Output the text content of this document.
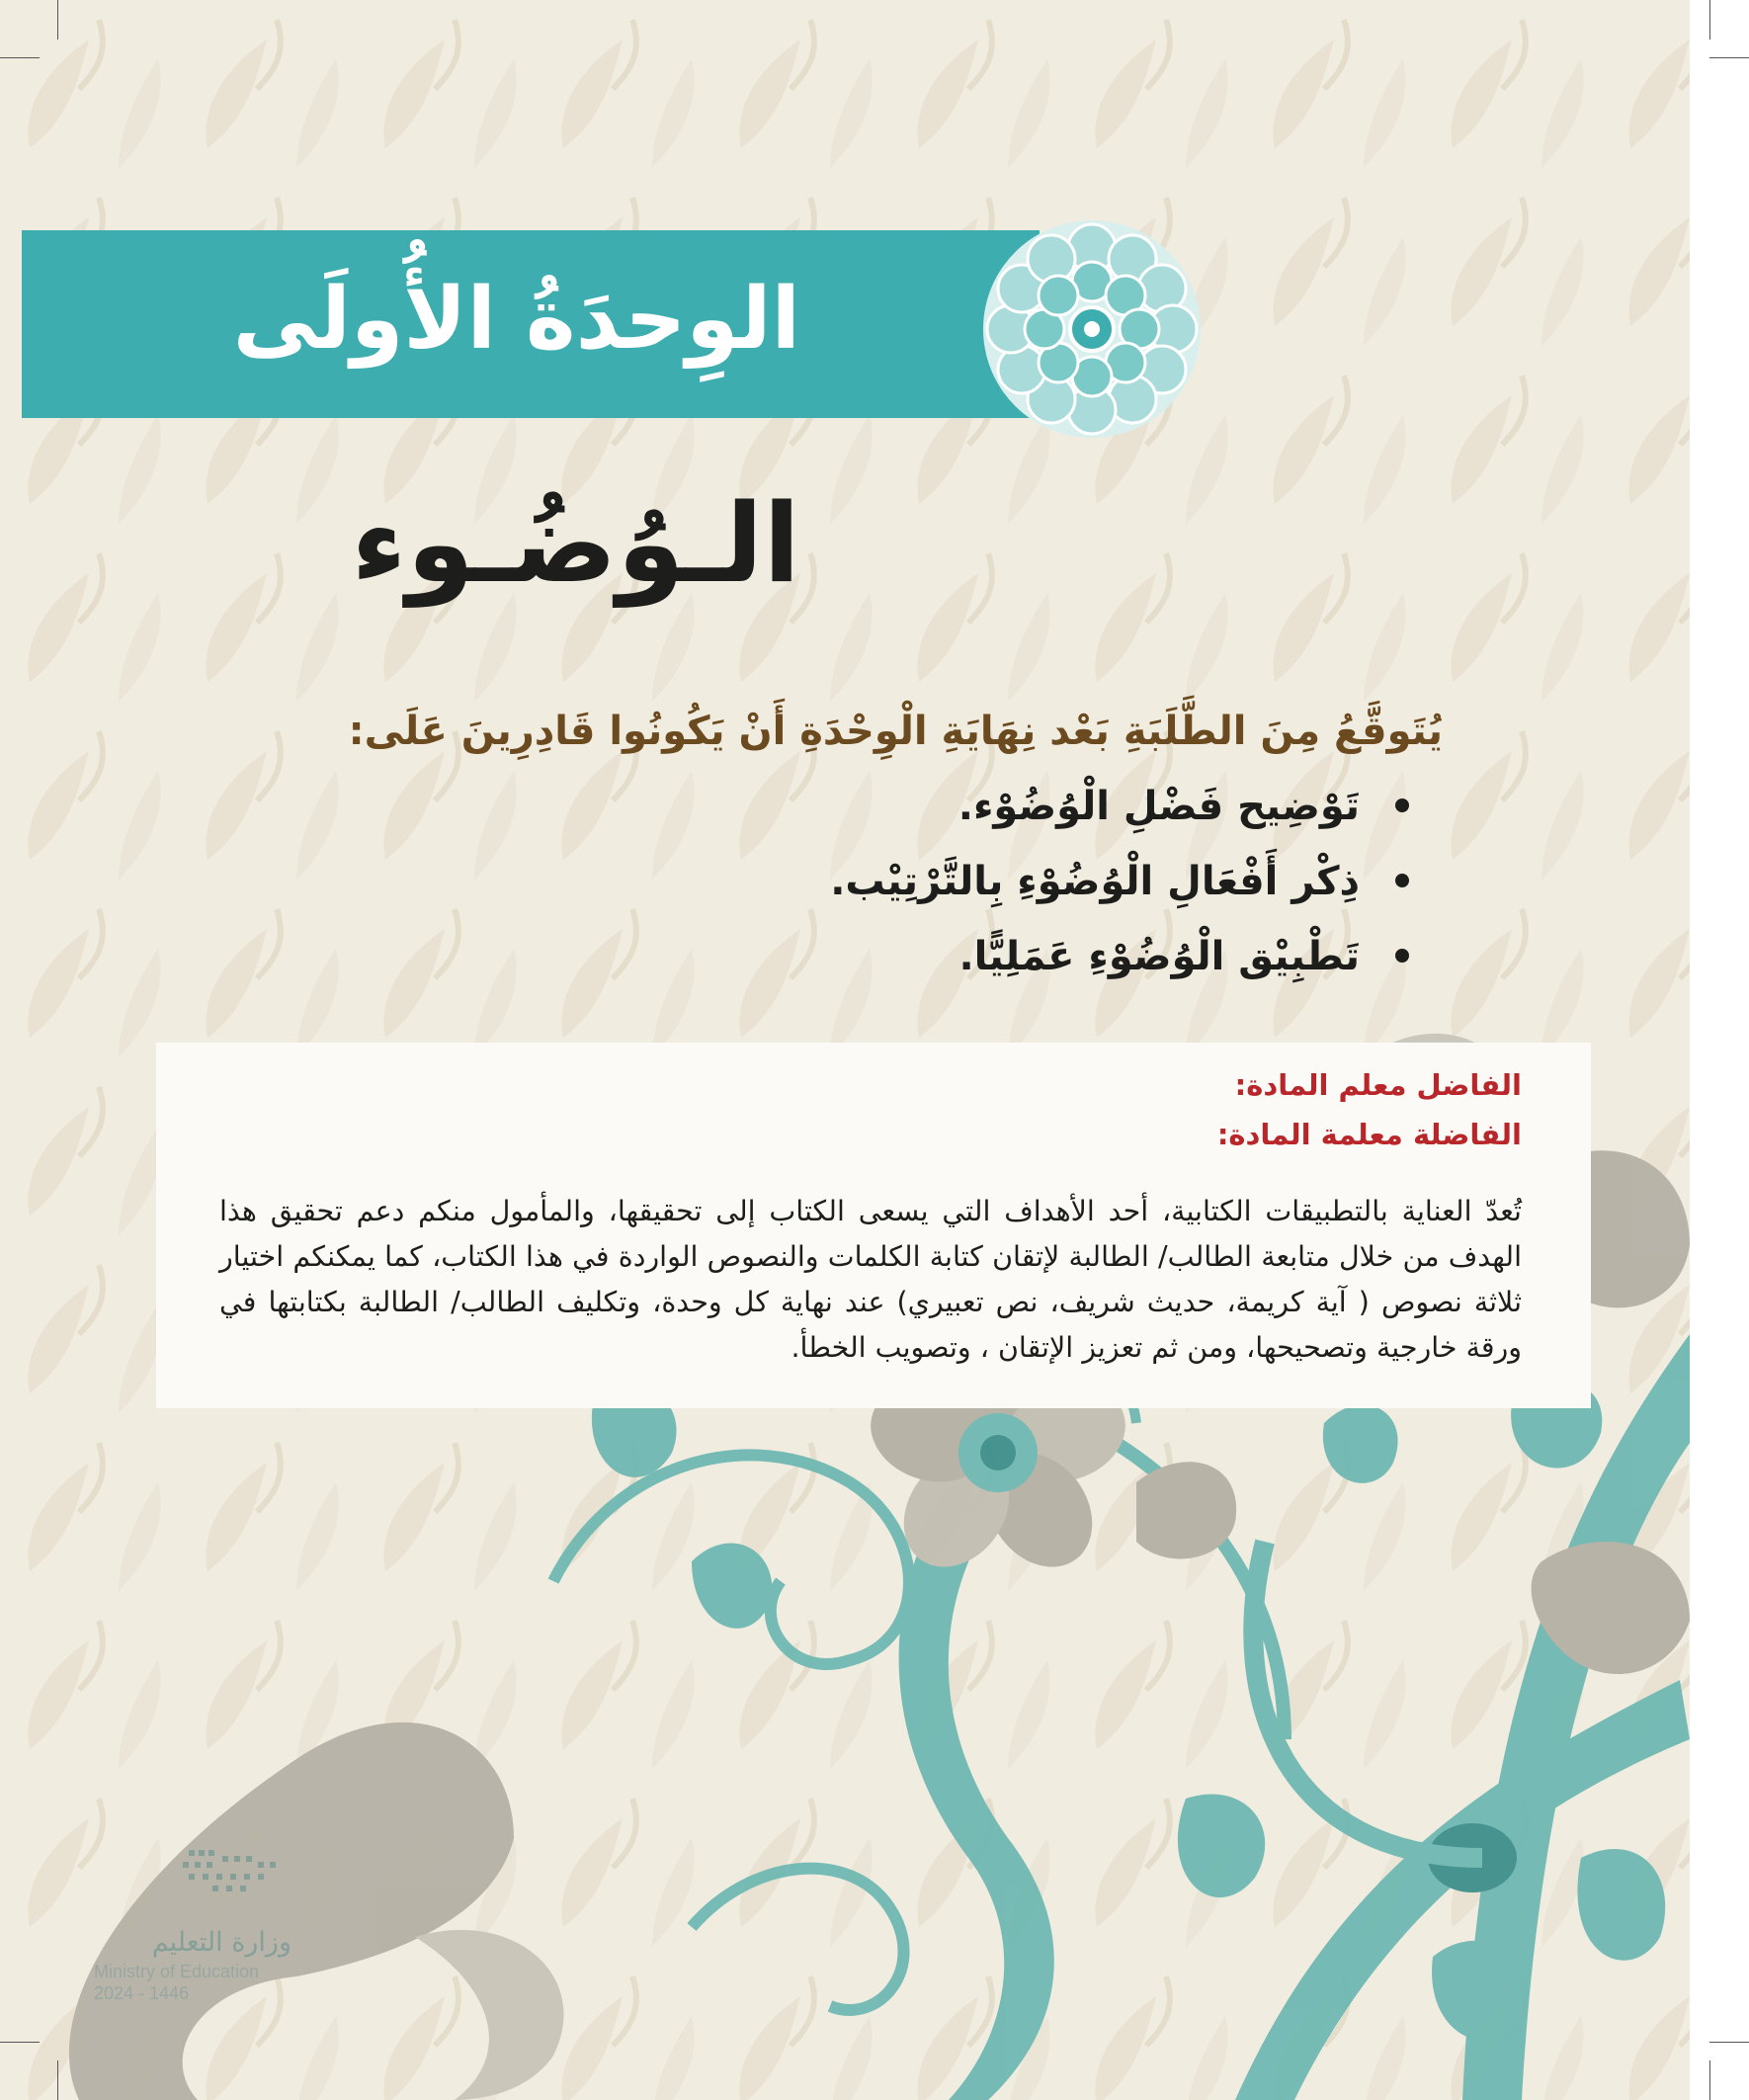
الوِحدَةُ الأُولَى
الـوُضُـوء

يُتَوقَّعُ مِنَ الطَّلَبَةِ بَعْد نِهَايَةِ الْوِحْدَةِ أَنْ يَكُونُوا قَادِرِينَ عَلَى:

تَوْضِيح فَضْلِ الْوُضُوْء.
ذِكْر أَفْعَالِ الْوُضُوْءِ بِالتَّرْتِيْب.
تَطْبِيْق الْوُضُوْءِ عَمَلِيًّا.

الفاضل معلم المادة:

الفاضلة معلمة المادة:

تُعدّ العناية بالتطبيقات الكتابية، أحد الأهداف التي يسعى الكتاب إلى تحقيقها، والمأمول منكم دعم تحقيق هذا الهدف من خلال متابعة الطالب/ الطالبة لإتقان كتابة الكلمات والنصوص الواردة في هذا الكتاب، كما يمكنكم اختيار ثلاثة نصوص ( آية كريمة، حديث شريف، نص تعبيري) عند نهاية كل وحدة، وتكليف الطالب/ الطالبة بكتابتها في ورقة خارجية وتصحيحها، ومن ثم تعزيز الإتقان ، وتصويب الخطأ.

وزارة التعليم
Ministry of Education
2024 - 1446
